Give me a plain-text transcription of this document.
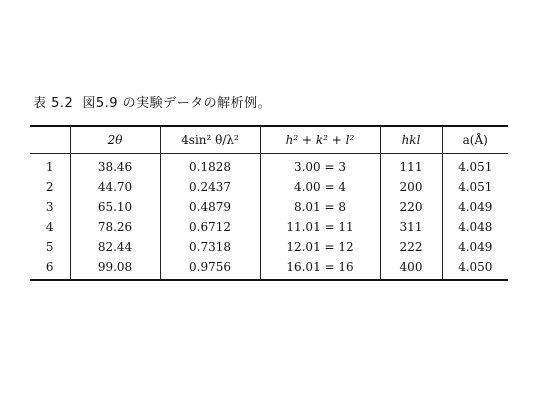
表 5.2 図5.9 の実験データの解析例。
	2θ	4sin² θ/λ²	h² + k² + l²	hkl	a(Å)
1	38.46	0.1828	3.00 = 3	111	4.051
2	44.70	0.2437	4.00 = 4	200	4.051
3	65.10	0.4879	8.01 = 8	220	4.049
4	78.26	0.6712	11.01 = 11	311	4.048
5	82.44	0.7318	12.01 = 12	222	4.049
6	99.08	0.9756	16.01 = 16	400	4.050
